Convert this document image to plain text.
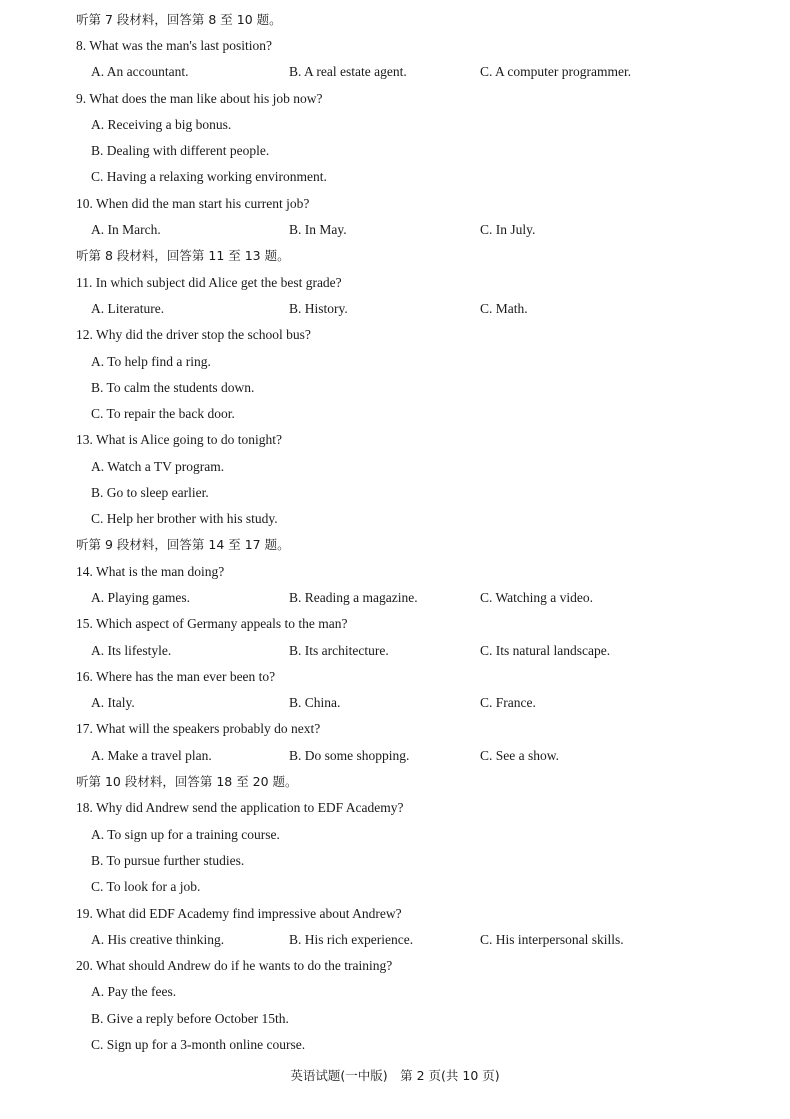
听第 7 段材料，回答第 8 至 10 题。
8. What was the man's last position?
A. An accountant.	B. A real estate agent.	C. A computer programmer.
9. What does the man like about his job now?
A. Receiving a big bonus.
B. Dealing with different people.
C. Having a relaxing working environment.
10. When did the man start his current job?
A. In March.	B. In May.	C. In July.
听第 8 段材料，回答第 11 至 13 题。
11. In which subject did Alice get the best grade?
A. Literature.	B. History.	C. Math.
12. Why did the driver stop the school bus?
A. To help find a ring.
B. To calm the students down.
C. To repair the back door.
13. What is Alice going to do tonight?
A. Watch a TV program.
B. Go to sleep earlier.
C. Help her brother with his study.
听第 9 段材料，回答第 14 至 17 题。
14. What is the man doing?
A. Playing games.	B. Reading a magazine.	C. Watching a video.
15. Which aspect of Germany appeals to the man?
A. Its lifestyle.	B. Its architecture.	C. Its natural landscape.
16. Where has the man ever been to?
A. Italy.	B. China.	C. France.
17. What will the speakers probably do next?
A. Make a travel plan.	B. Do some shopping.	C. See a show.
听第 10 段材料，回答第 18 至 20 题。
18. Why did Andrew send the application to EDF Academy?
A. To sign up for a training course.
B. To pursue further studies.
C. To look for a job.
19. What did EDF Academy find impressive about Andrew?
A. His creative thinking.	B. His rich experience.	C. His interpersonal skills.
20. What should Andrew do if he wants to do the training?
A. Pay the fees.
B. Give a reply before October 15th.
C. Sign up for a 3-month online course.
英语试题(一中版)　第 2 页(共 10 页)
